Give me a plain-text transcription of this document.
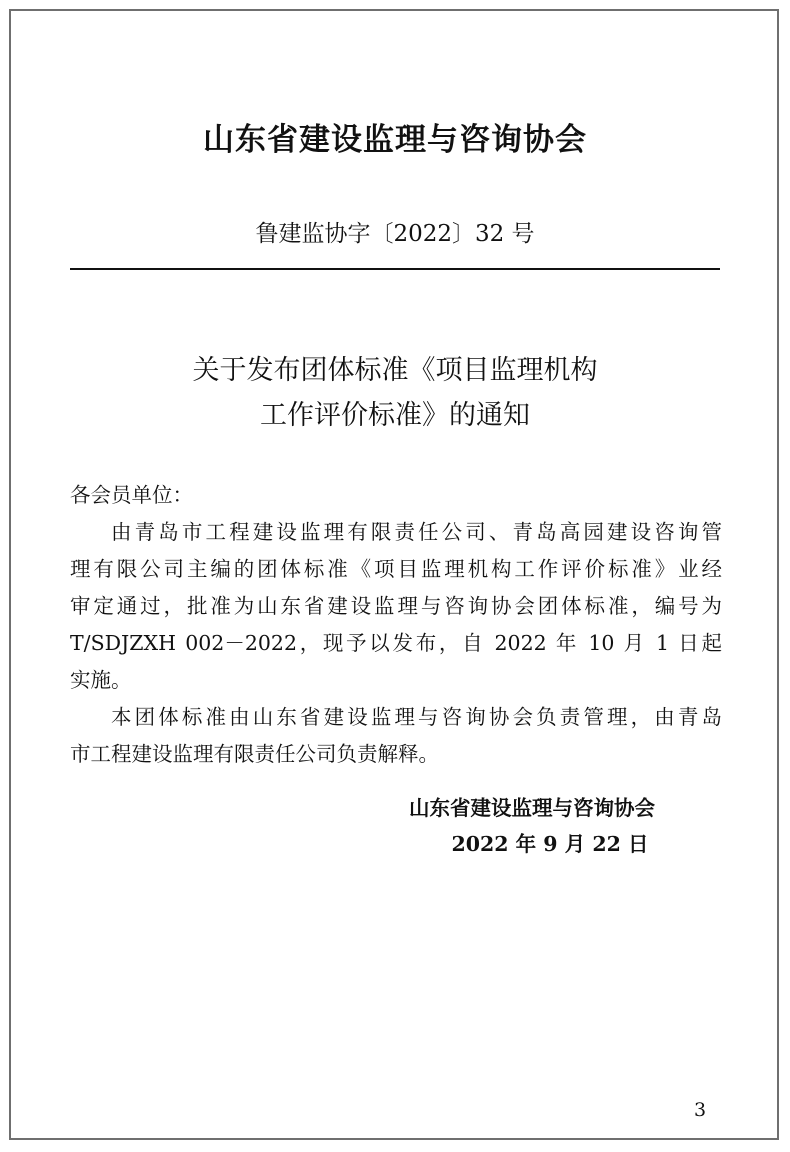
山东省建设监理与咨询协会
鲁建监协字〔2022〕32 号
关于发布团体标准《项目监理机构
工作评价标准》的通知
各会员单位：
由青岛市工程建设监理有限责任公司、青岛高园建设咨询管
理有限公司主编的团体标准《项目监理机构工作评价标准》业经
审定通过，批准为山东省建设监理与咨询协会团体标准，编号为
T/SDJZXH 002－2022，现予以发布，自 2022 年 10 月 1 日起
实施。
本团体标准由山东省建设监理与咨询协会负责管理，由青岛
市工程建设监理有限责任公司负责解释。
山东省建设监理与咨询协会
2022 年 9 月 22 日
3
